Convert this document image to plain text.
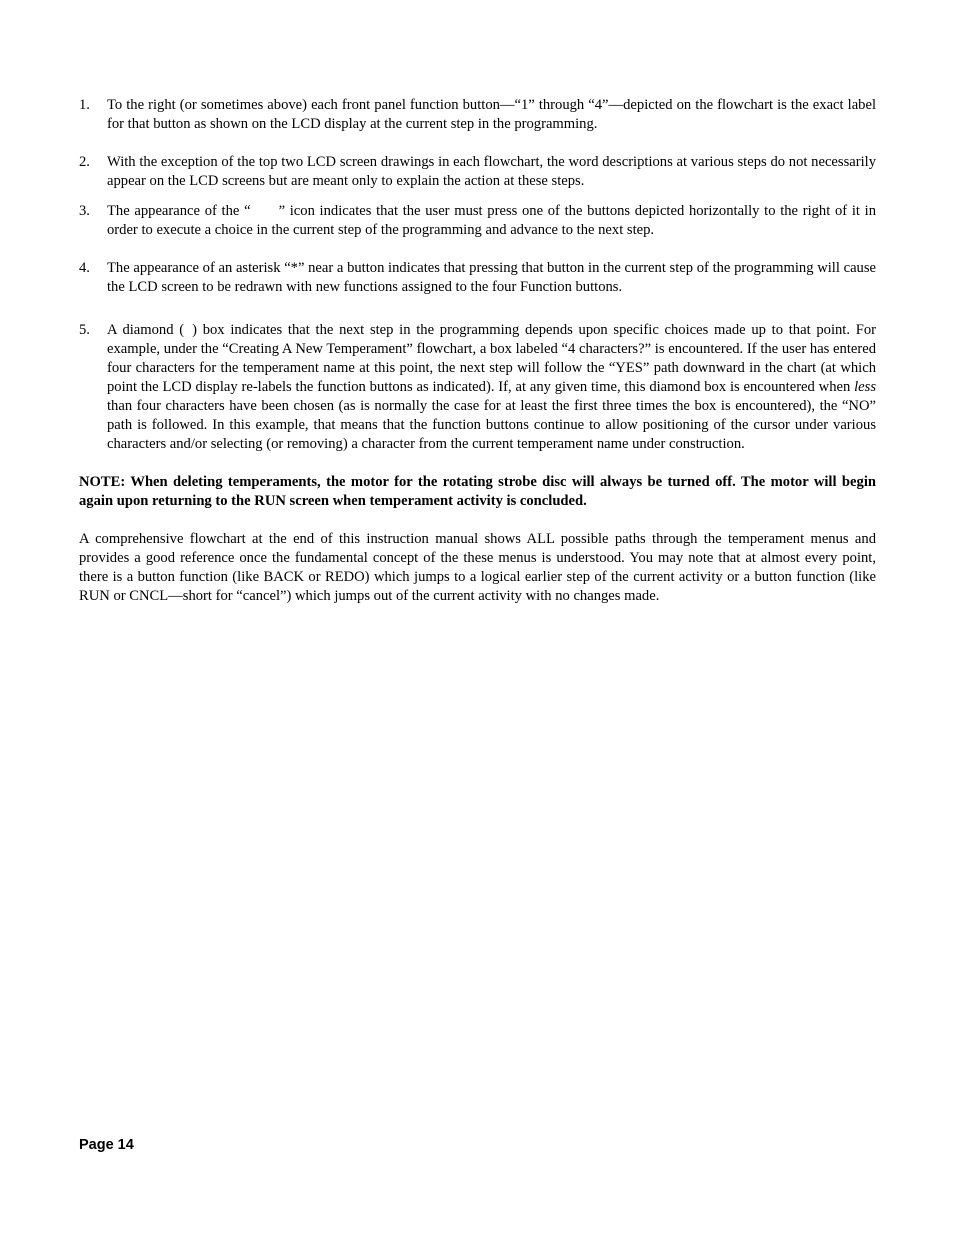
1.	To the right (or sometimes above) each front panel function button—“1” through “4”—depicted on the flowchart is the exact label for that button as shown on the LCD display at the current step in the programming.
2.	With the exception of the top two LCD screen drawings in each flowchart, the word descriptions at various steps do not necessarily appear on the LCD screens but are meant only to explain the action at these steps.
3.	The appearance of the “ ” icon indicates that the user must press one of the buttons depicted horizontally to the right of it in order to execute a choice in the current step of the programming and advance to the next step.
4.	The appearance of an asterisk “*” near a button indicates that pressing that button in the current step of the programming will cause the LCD screen to be redrawn with new functions assigned to the four Function buttons.
5.	A diamond ( ) box indicates that the next step in the programming depends upon specific choices made up to that point. For example, under the “Creating A New Temperament” flowchart, a box labeled “4 characters?” is encountered. If the user has entered four characters for the temperament name at this point, the next step will follow the “YES” path downward in the chart (at which point the LCD display re-labels the function buttons as indicated). If, at any given time, this diamond box is encountered when less than four characters have been chosen (as is normally the case for at least the first three times the box is encountered), the “NO” path is followed. In this example, that means that the function buttons continue to allow positioning of the cursor under various characters and/or selecting (or removing) a character from the current temperament name under construction.
NOTE: When deleting temperaments, the motor for the rotating strobe disc will always be turned off. The motor will begin again upon returning to the RUN screen when temperament activity is concluded.
A comprehensive flowchart at the end of this instruction manual shows ALL possible paths through the temperament menus and provides a good reference once the fundamental concept of the these menus is understood. You may note that at almost every point, there is a button function (like BACK or REDO) which jumps to a logical earlier step of the current activity or a button function (like RUN or CNCL—short for “cancel”) which jumps out of the current activity with no changes made.
Page 14
